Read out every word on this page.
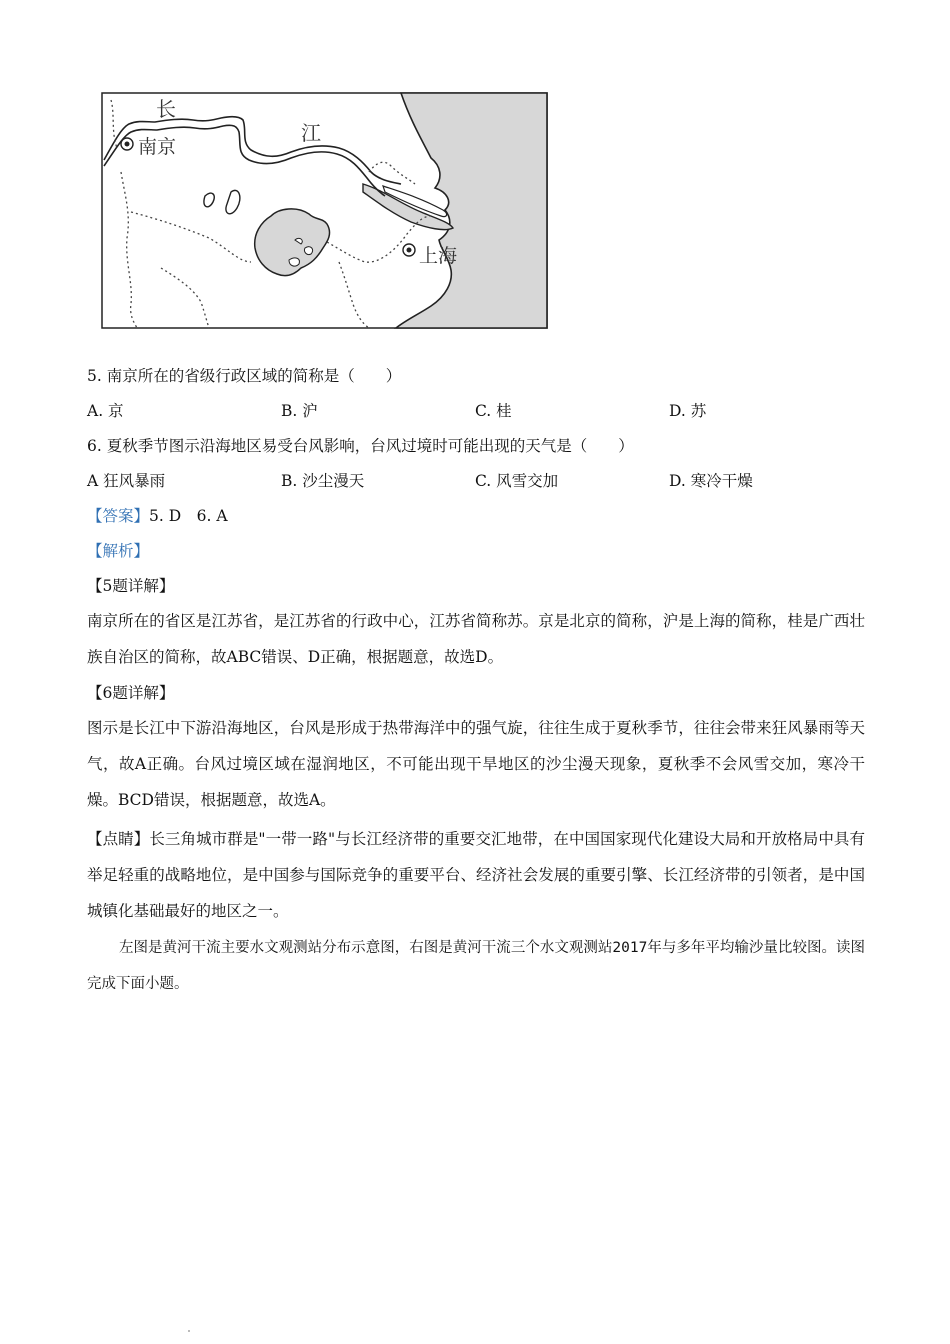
长
江
南京
上海
5. 南京所在的省级行政区域的简称是（　　）
A. 京	B. 沪	C. 桂	D. 苏
6. 夏秋季节图示沿海地区易受台风影响，台风过境时可能出现的天气是（　　）
A 狂风暴雨	B. 沙尘漫天	C. 风雪交加	D. 寒冷干燥
【答案】5. D　6. A
【解析】
【5题详解】
南京所在的省区是江苏省，是江苏省的行政中心，江苏省简称苏。京是北京的简称，沪是上海的简称，桂是广西壮族自治区的简称，故ABC错误、D正确，根据题意，故选D。
【6题详解】
图示是长江中下游沿海地区，台风是形成于热带海洋中的强气旋，往往生成于夏秋季节，往往会带来狂风暴雨等天气，故A正确。台风过境区域在湿润地区，不可能出现干旱地区的沙尘漫天现象，夏秋季不会风雪交加，寒冷干燥。BCD错误，根据题意，故选A。
【点睛】长三角城市群是"一带一路"与长江经济带的重要交汇地带，在中国国家现代化建设大局和开放格局中具有举足轻重的战略地位，是中国参与国际竞争的重要平台、经济社会发展的重要引擎、长江经济带的引领者，是中国城镇化基础最好的地区之一。
左图是黄河干流主要水文观测站分布示意图，右图是黄河干流三个水文观测站2017年与多年平均输沙量比较图。读图完成下面小题。
